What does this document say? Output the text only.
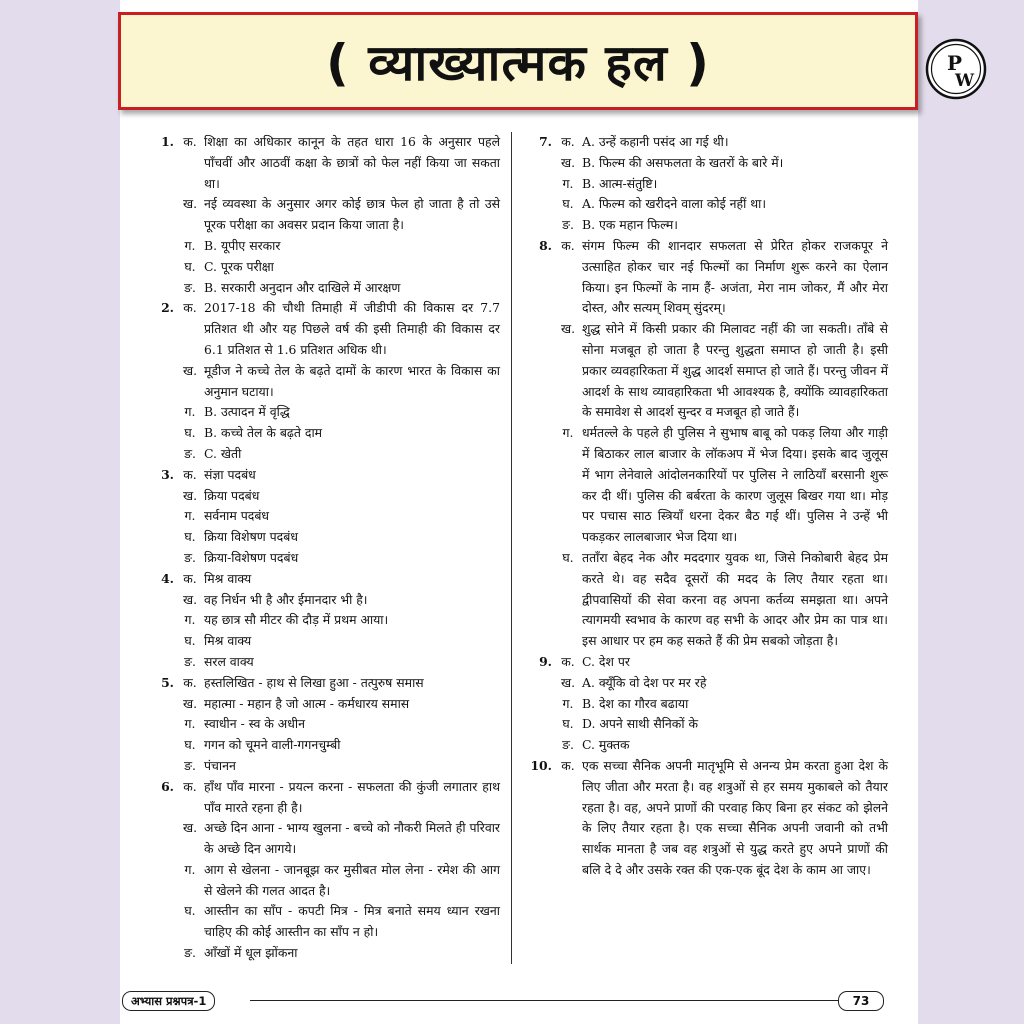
( व्याख्यात्मक हल )	P
W
1. क. शिक्षा का अधिकार कानून के तहत धारा 16 के अनुसार पहले पाँचवीं और आठवीं कक्षा के छात्रों को फेल नहीं किया जा सकता था।
ख. नई व्यवस्था के अनुसार अगर कोई छात्र फेल हो जाता है तो उसे पूरक परीक्षा का अवसर प्रदान किया जाता है।
ग. B. यूपीए सरकार
घ. C. पूरक परीक्षा
ङ. B. सरकारी अनुदान और दाखिले में आरक्षण
2. क. 2017-18 की चौथी तिमाही में जीडीपी की विकास दर 7.7 प्रतिशत थी और यह पिछले वर्ष की इसी तिमाही की विकास दर 6.1 प्रतिशत से 1.6 प्रतिशत अधिक थी।
ख. मूडीज ने कच्चे तेल के बढ़ते दामों के कारण भारत के विकास का अनुमान घटाया।
ग. B. उत्पादन में वृद्धि
घ. B. कच्चे तेल के बढ़ते दाम
ङ. C. खेती
3. क. संज्ञा पदबंध
ख. क्रिया पदबंध
ग. सर्वनाम पदबंध
घ. क्रिया विशेषण पदबंध
ङ. क्रिया-विशेषण पदबंध
4. क. मिश्र वाक्य
ख. वह निर्धन भी है और ईमानदार भी है।
ग. यह छात्र सौ मीटर की दौड़ में प्रथम आया।
घ. मिश्र वाक्य
ङ. सरल वाक्य
5. क. हस्तलिखित - हाथ से लिखा हुआ - तत्पुरुष समास
ख. महात्मा - महान है जो आत्म - कर्मधारय समास
ग. स्वाधीन - स्व के अधीन
घ. गगन को चूमने वाली-गगनचुम्बी
ङ. पंचानन
6. क. हाँथ पाँव मारना - प्रयत्न करना - सफलता की कुंजी लगातार हाथ पाँव मारते रहना ही है।
ख. अच्छे दिन आना - भाग्य खुलना - बच्चे को नौकरी मिलते ही परिवार के अच्छे दिन आगये।
ग. आग से खेलना - जानबूझ कर मुसीबत मोल लेना - रमेश की आग से खेलने की गलत आदत है।
घ. आस्तीन का साँप - कपटी मित्र - मित्र बनाते समय ध्यान रखना चाहिए की कोई आस्तीन का साँप न हो।
ङ. आँखों में धूल झोंकना
7. क. A. उन्हें कहानी पसंद आ गई थी।
ख. B. फिल्म की असफलता के खतरों के बारे में।
ग. B. आत्म-संतुष्टि।
घ. A. फिल्म को खरीदने वाला कोई नहीं था।
ङ. B. एक महान फिल्म।
8. क. संगम फिल्म की शानदार सफलता से प्रेरित होकर राजकपूर ने उत्साहित होकर चार नई फिल्मों का निर्माण शुरू करने का ऐलान किया। इन फिल्मों के नाम हैं- अजंता, मेरा नाम जोकर, मैं और मेरा दोस्त, और सत्यम् शिवम् सुंदरम्।
ख. शुद्ध सोने में किसी प्रकार की मिलावट नहीं की जा सकती। ताँबे से सोना मजबूत हो जाता है परन्तु शुद्धता समाप्त हो जाती है। इसी प्रकार व्यवहारिकता में शुद्ध आदर्श समाप्त हो जाते हैं। परन्तु जीवन में आदर्श के साथ व्यावहारिकता भी आवश्यक है, क्योंकि व्यावहारिकता के समावेश से आदर्श सुन्दर व मजबूत हो जाते हैं।
ग. धर्मतल्ले के पहले ही पुलिस ने सुभाष बाबू को पकड़ लिया और गाड़ी में बिठाकर लाल बाजार के लॉकअप में भेज दिया। इसके बाद जुलूस में भाग लेनेवाले आंदोलनकारियों पर पुलिस ने लाठियाँ बरसानी शुरू कर दी थीं। पुलिस की बर्बरता के कारण जुलूस बिखर गया था। मोड़ पर पचास साठ स्त्रियाँ धरना देकर बैठ गई थीं। पुलिस ने उन्हें भी पकड़कर लालबाजार भेज दिया था।
घ. तताँरा बेहद नेक और मददगार युवक था, जिसे निकोबारी बेहद प्रेम करते थे। वह सदैव दूसरों की मदद के लिए तैयार रहता था। द्वीपवासियों की सेवा करना वह अपना कर्तव्य समझता था। अपने त्यागमयी स्वभाव के कारण वह सभी के आदर और प्रेम का पात्र था। इस आधार पर हम कह सकते हैं की प्रेम सबको जोड़ता है।
9. क. C. देश पर
ख. A. क्यूँकि वो देश पर मर रहे
ग. B. देश का गौरव बढाया
घ. D. अपने साथी सैनिकों के
ङ. C. मुक्तक
10. क. एक सच्चा सैनिक अपनी मातृभूमि से अनन्य प्रेम करता हुआ देश के लिए जीता और मरता है। वह शत्रुओं से हर समय मुकाबले को तैयार रहता है। वह, अपने प्राणों की परवाह किए बिना हर संकट को झेलने के लिए तैयार रहता है। एक सच्चा सैनिक अपनी जवानी को तभी सार्थक मानता है जब वह शत्रुओं से युद्ध करते हुए अपने प्राणों की बलि दे दे और उसके रक्त की एक-एक बूंद देश के काम आ जाए।
अभ्यास प्रश्नपत्र-1	73
